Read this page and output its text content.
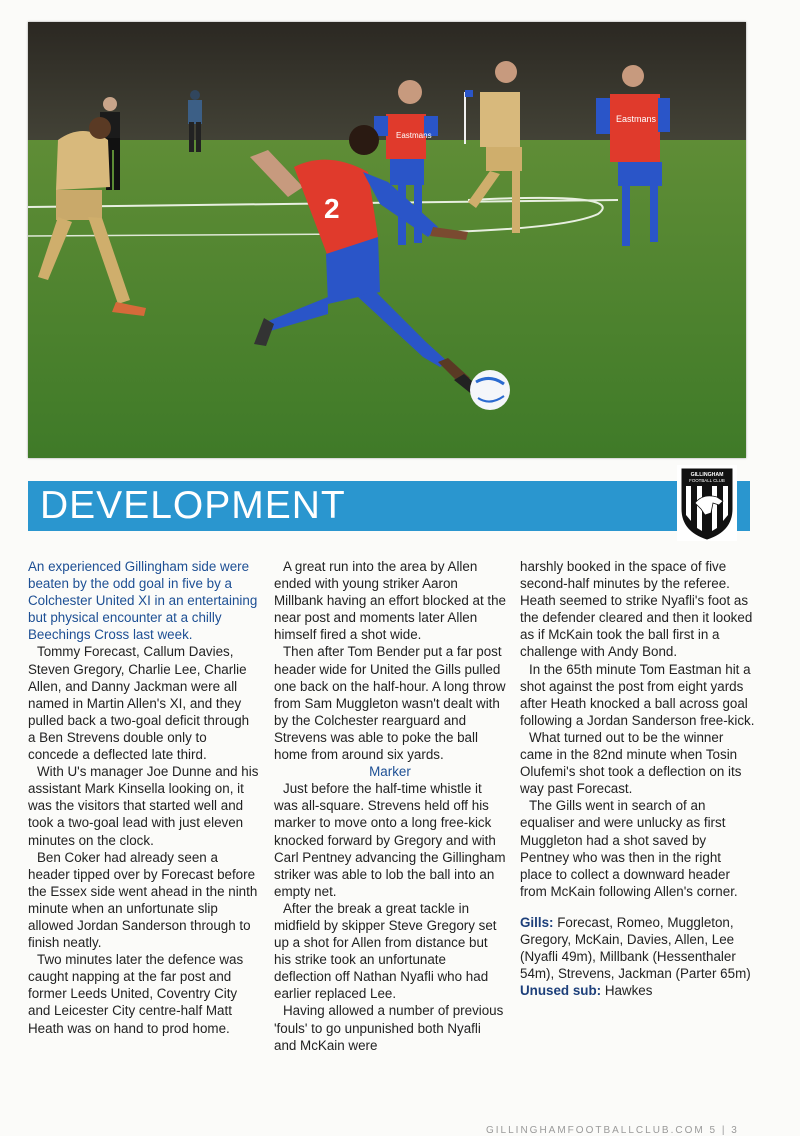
Eastmans
Eastmans
2
DEVELOPMENT
GILLINGHAM
FOOTBALL CLUB

An experienced Gillingham side were beaten by the odd goal in five by a Colchester United XI in an entertaining but physical encounter at a chilly Beechings Cross last week.

Tommy Forecast, Callum Davies, Steven Gregory, Charlie Lee, Charlie Allen, and Danny Jackman were all named in Martin Allen's XI, and they pulled back a two-goal deficit through a Ben Strevens double only to concede a deflected late third.

With U's manager Joe Dunne and his assistant Mark Kinsella looking on, it was the visitors that started well and took a two-goal lead with just eleven minutes on the clock.

Ben Coker had already seen a header tipped over by Forecast before the Essex side went ahead in the ninth minute when an unfortunate slip allowed Jordan Sanderson through to finish neatly.

Two minutes later the defence was caught napping at the far post and former Leeds United, Coventry City and Leicester City centre-half Matt Heath was on hand to prod home.

A great run into the area by Allen ended with young striker Aaron Millbank having an effort blocked at the near post and moments later Allen himself fired a shot wide.

Then after Tom Bender put a far post header wide for United the Gills pulled one back on the half-hour. A long throw from Sam Muggleton wasn't dealt with by the Colchester rearguard and Strevens was able to poke the ball home from around six yards.

Marker

Just before the half-time whistle it was all-square. Strevens held off his marker to move onto a long free-kick knocked forward by Gregory and with Carl Pentney advancing the Gillingham striker was able to lob the ball into an empty net.

After the break a great tackle in midfield by skipper Steve Gregory set up a shot for Allen from distance but his strike took an unfortunate deflection off Nathan Nyafli who had earlier replaced Lee.

Having allowed a number of previous 'fouls' to go unpunished both Nyafli and McKain were

harshly booked in the space of five second-half minutes by the referee. Heath seemed to strike Nyafli's foot as the defender cleared and then it looked as if McKain took the ball first in a challenge with Andy Bond.

In the 65th minute Tom Eastman hit a shot against the post from eight yards after Heath knocked a ball across goal following a Jordan Sanderson free-kick.

What turned out to be the winner came in the 82nd minute when Tosin Olufemi's shot took a deflection on its way past Forecast.

The Gills went in search of an equaliser and were unlucky as first Muggleton had a shot saved by Pentney who was then in the right place to collect a downward header from McKain following Allen's corner.

Gills: Forecast, Romeo, Muggleton, Gregory, McKain, Davies, Allen, Lee (Nyafli 49m), Millbank (Hessenthaler 54m), Strevens, Jackman (Parter 65m)

Unused sub: Hawkes

GILLINGHAMFOOTBALLCLUB.COM 5 | 3
